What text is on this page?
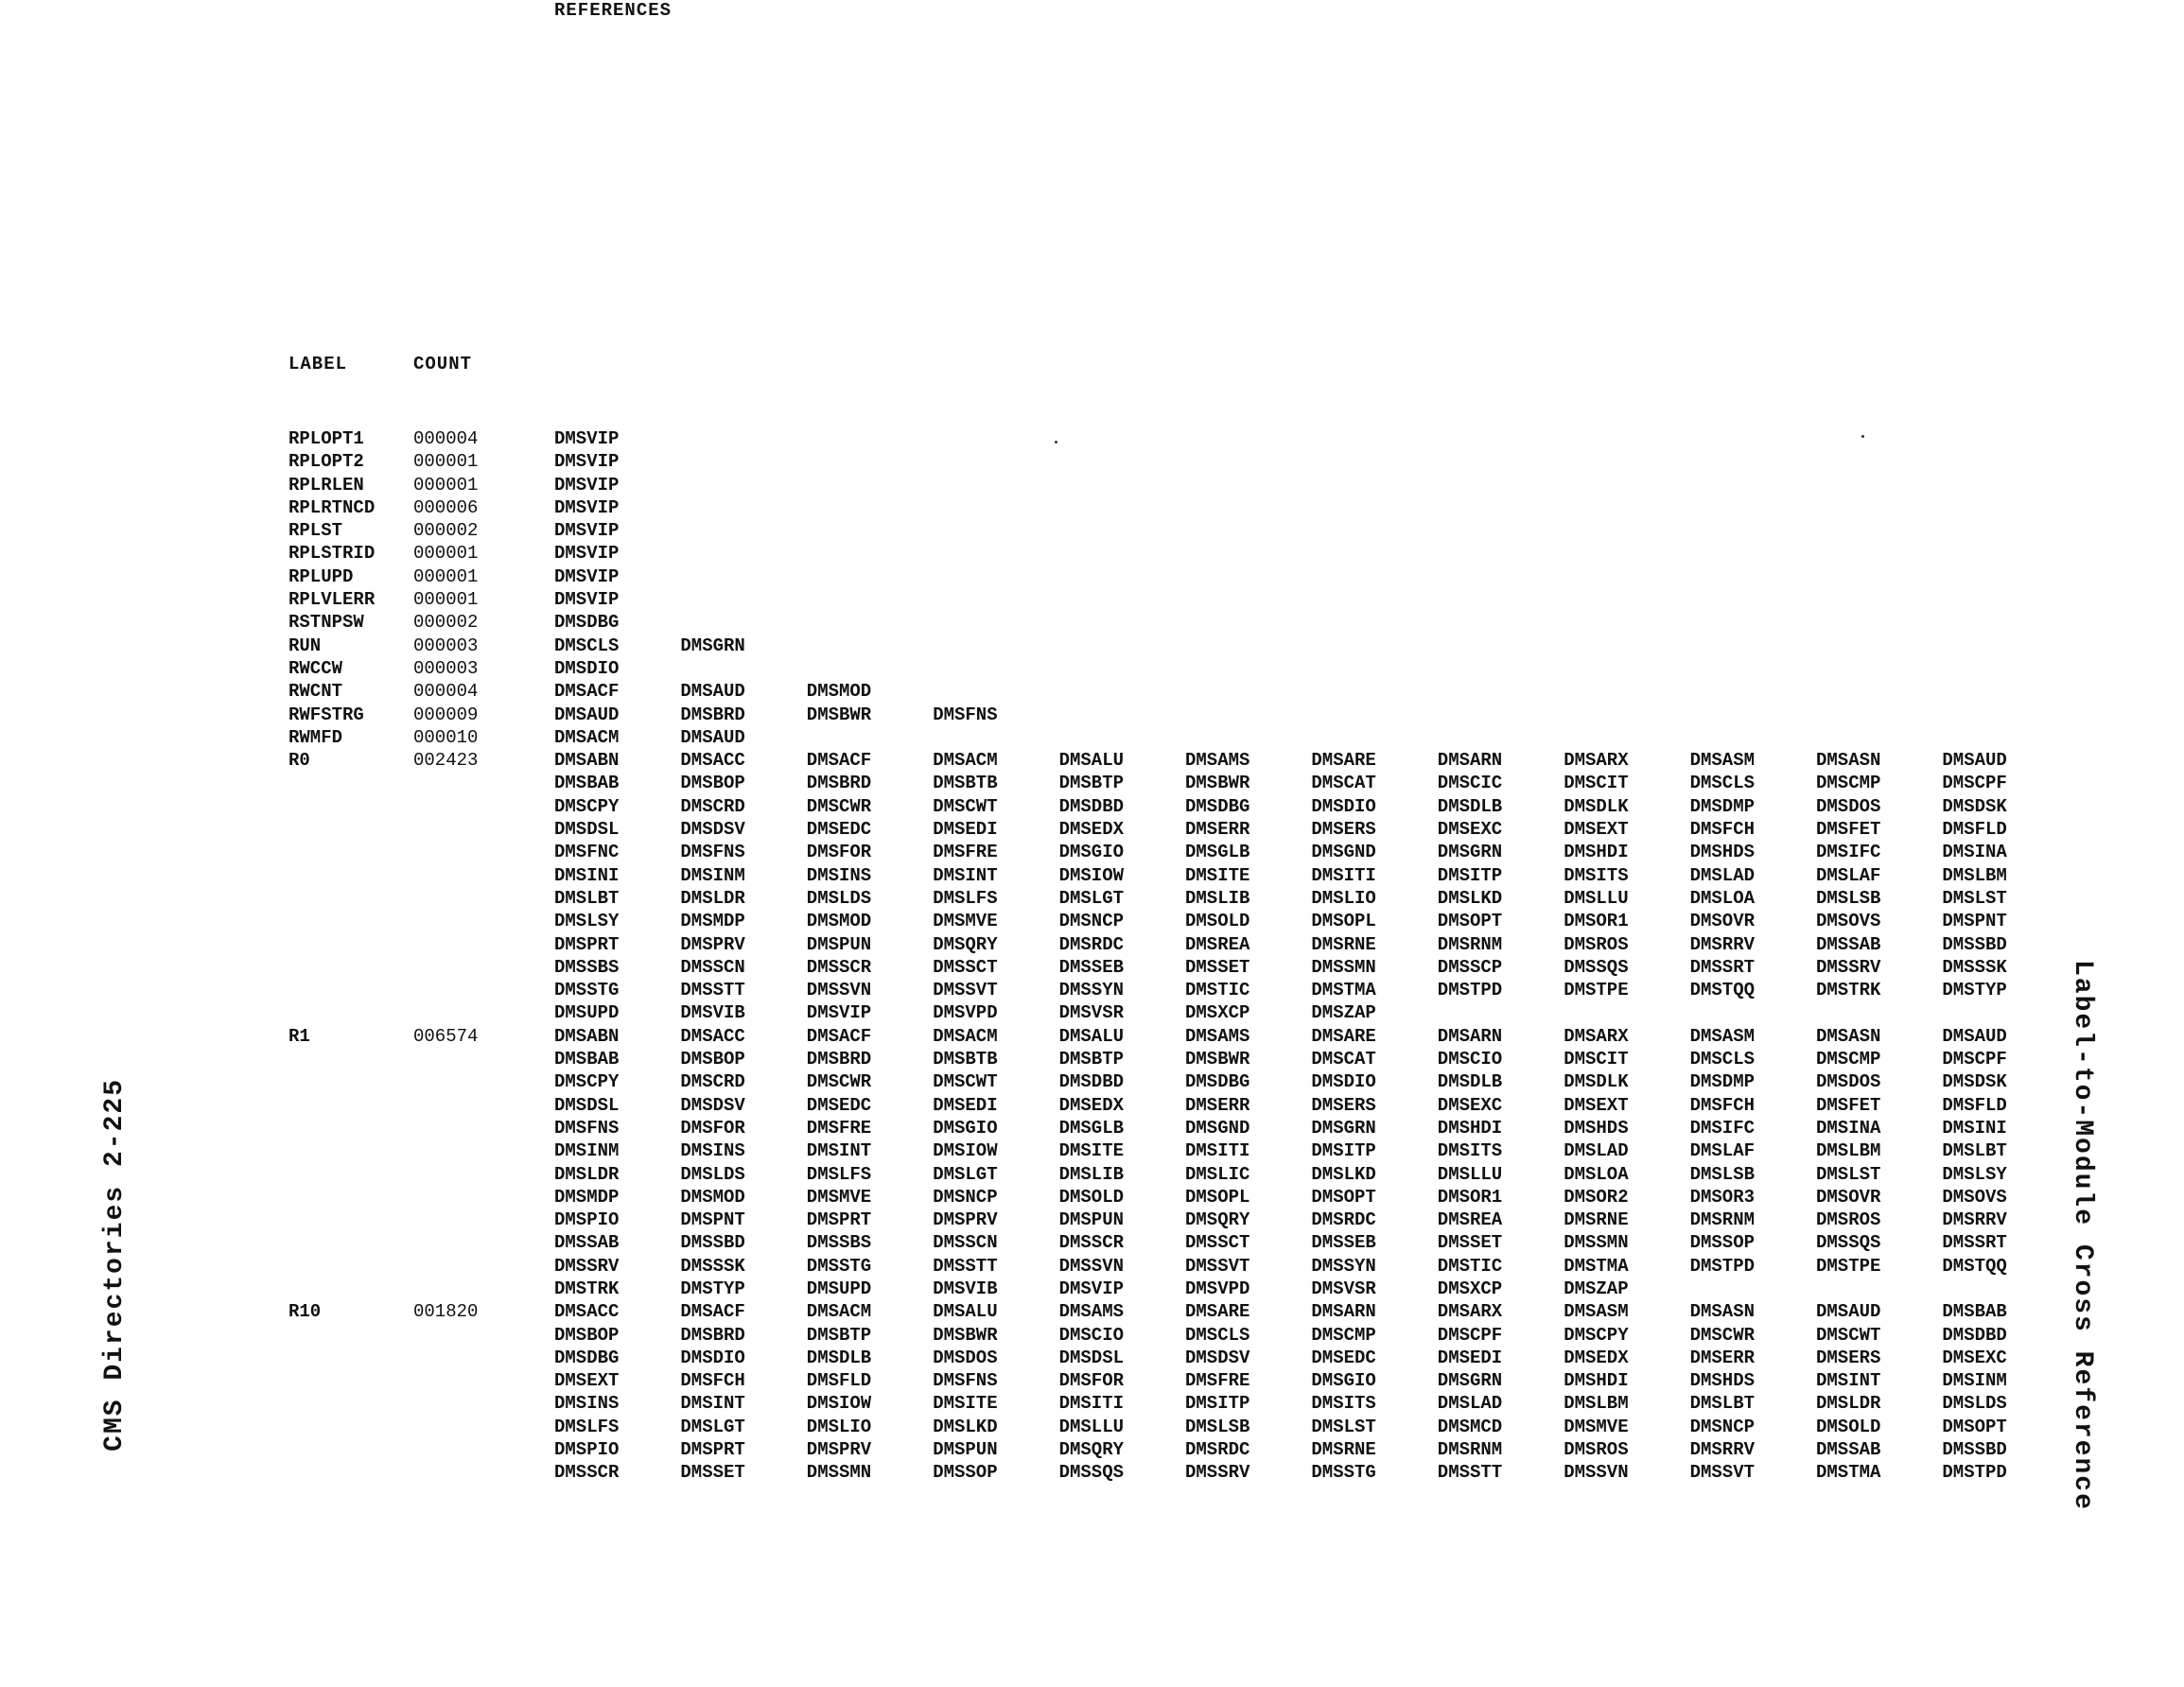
LABEL	COUNT
REFERENCES
RPLOPT1	000004	DMSVIP
RPLOPT2	000001	DMSVIP
RPLRLEN	000001	DMSVIP
RPLRTNCD 000006	DMSVIP
RPLST	000002	DMSVIP
RPLSTRID 000001	DMSVIP
RPLUPD	000001	DMSVIP
RPLVLERR 000001	DMSVIP
RSTNPSW	000002	DMSDBG
RUN	000003	DMSCLS	DMSGRN
RWCCW	000003	DMSDIO
RWCNT	000004	DMSACF	DMSAUD	DMSMOD
RWFSTRG	000009	DMSAUD	DMSBRD	DMSBWR	DMSFNS
RWMFD	000010	DMSACM	DMSAUD
R0	002423	DMSABN	DMSACC	DMSACF	DMSACM	DMSALU	DMSAMS	DMSARE	DMSARN	DMSARX	DMSASM	DMSASN	DMSAUD
DMSBAB	DMSBOP	DMSBRD	DMSBTB	DMSBTP	DMSBWR	DMSCAT	DMSCIC	DMSCIT	DMSCLS	DMSCMP	DMSCPF
DMSCPY	DMSCRD	DMSCWR	DMSCWT	DMSDBD	DMSDBG	DMSDIO	DMSDLB	DMSDLK	DMSDMP	DMSDOS	DMSDSK
DMSDSL	DMSDSV	DMSEDC	DMSEDI	DMSEDX	DMSERR	DMSERS	DMSEXC	DMSEXT	DMSFCH	DMSFET	DMSFLD
DMSFNC	DMSFNS	DMSFOR	DMSFRE	DMSGIO	DMSGLB	DMSGND	DMSGRN	DMSHDI	DMSHDS	DMSIFC	DMSINA
DMSINI	DMSINM	DMSINS	DMSINT	DMSIOW	DMSITE	DMSITI	DMSITP	DMSITS	DMSLAD	DMSLAF	DMSLBM
DMSLBT	DMSLDR	DMSLDS	DMSLFS	DMSLGT	DMSLIB	DMSLIO	DMSLKD	DMSLLU	DMSLOA	DMSLSB	DMSLST
DMSLSY	DMSMDP	DMSMOD	DMSMVE	DMSNCP	DMSOLD	DMSOPL	DMSOPT	DMSOR1	DMSOVR	DMSOVS	DMSPNT
DMSPRT	DMSPRV	DMSPUN	DMSQRY	DMSRDC	DMSREA	DMSRNE	DMSRNM	DMSROS	DMSRRV	DMSSAB	DMSSBD
DMSSBS	DMSSCN	DMSSCR	DMSSCT	DMSSEB	DMSSET	DMSSMN	DMSSCP	DMSSQS	DMSSRT	DMSSRV	DMSSSK
DMSSTG	DMSSTT	DMSSVN	DMSSVT	DMSSYN	DMSTIC	DMSTMA	DMSTPD	DMSTPE	DMSTQQ	DMSTRK	DMSTYP
DMSUPD	DMSVIB	DMSVIP	DMSVPD	DMSVSR	DMSXCP	DMSZAP
R1	006574	DMSABN	DMSACC	DMSACF	DMSACM	DMSALU	DMSAMS	DMSARE	DMSARN	DMSARX	DMSASM	DMSASN	DMSAUD
DMSBAB	DMSBOP	DMSBRD	DMSBTB	DMSBTP	DMSBWR	DMSCAT	DMSCIO	DMSCIT	DMSCLS	DMSCMP	DMSCPF
DMSCPY	DMSCRD	DMSCWR	DMSCWT	DMSDBD	DMSDBG	DMSDIO	DMSDLB	DMSDLK	DMSDMP	DMSDOS	DMSDSK
DMSDSL	DMSDSV	DMSEDC	DMSEDI	DMSEDX	DMSERR	DMSERS	DMSEXC	DMSEXT	DMSFCH	DMSFET	DMSFLD
DMSFNS	DMSFOR	DMSFRE	DMSGIO	DMSGLB	DMSGND	DMSGRN	DMSHDI	DMSHDS	DMSIFC	DMSINA	DMSINI
DMSINM	DMSINS	DMSINT	DMSIOW	DMSITE	DMSITI	DMSITP	DMSITS	DMSLAD	DMSLAF	DMSLBM	DMSLBT
DMSLDR	DMSLDS	DMSLFS	DMSLGT	DMSLIB	DMSLIC	DMSLKD	DMSLLU	DMSLOA	DMSLSB	DMSLST	DMSLSY
DMSMDP	DMSMOD	DMSMVE	DMSNCP	DMSOLD	DMSOPL	DMSOPT	DMSOR1	DMSOR2	DMSOR3	DMSOVR	DMSOVS
DMSPIO	DMSPNT	DMSPRT	DMSPRV	DMSPUN	DMSQRY	DMSRDC	DMSREA	DMSRNE	DMSRNM	DMSROS	DMSRRV
DMSSAB	DMSSBD	DMSSBS	DMSSCN	DMSSCR	DMSSCT	DMSSEB	DMSSET	DMSSMN	DMSSOP	DMSSQS	DMSSRT
DMSSRV	DMSSSK	DMSSTG	DMSSTT	DMSSVN	DMSSVT	DMSSYN	DMSTIC	DMSTMA	DMSTPD	DMSTPE	DMSTQQ
DMSTRK	DMSTYP	DMSUPD	DMSVIB	DMSVIP	DMSVPD	DMSVSR	DMSXCP	DMSZAP
R10	001820	DMSACC	DMSACF	DMSACM	DMSALU	DMSAMS	DMSARE	DMSARN	DMSARX	DMSASM	DMSASN	DMSAUD	DMSBAB
DMSBOP	DMSBRD	DMSBTP	DMSBWR	DMSCIO	DMSCLS	DMSCMP	DMSCPF	DMSCPY	DMSCWR	DMSCWT	DMSDBD
DMSDBG	DMSDIO	DMSDLB	DMSDOS	DMSDSL	DMSDSV	DMSEDC	DMSEDI	DMSEDX	DMSERR	DMSERS	DMSEXC
DMSEXT	DMSFCH	DMSFLD	DMSFNS	DMSFOR	DMSFRE	DMSGIO	DMSGRN	DMSHDI	DMSHDS	DMSINT	DMSINM
DMSINS	DMSINT	DMSIOW	DMSITE	DMSITI	DMSITP	DMSITS	DMSLAD	DMSLBM	DMSLBT	DMSLDR	DMSLDS
DMSLFS	DMSLGT	DMSLIO	DMSLKD	DMSLLU	DMSLSB	DMSLST	DMSMCD	DMSMVE	DMSNCP	DMSOLD	DMSOPT
DMSPIO	DMSPRT	DMSPRV	DMSPUN	DMSQRY	DMSRDC	DMSRNE	DMSRNM	DMSROS	DMSRRV	DMSSAB	DMSSBD
DMSSCR	DMSSET	DMSSMN	DMSSOP	DMSSQS	DMSSRV	DMSSTG	DMSSTT	DMSSVN	DMSSVT	DMSTMA	DMSTPD
CMS Directories 2-225	Label-to-Module Cross Reference
